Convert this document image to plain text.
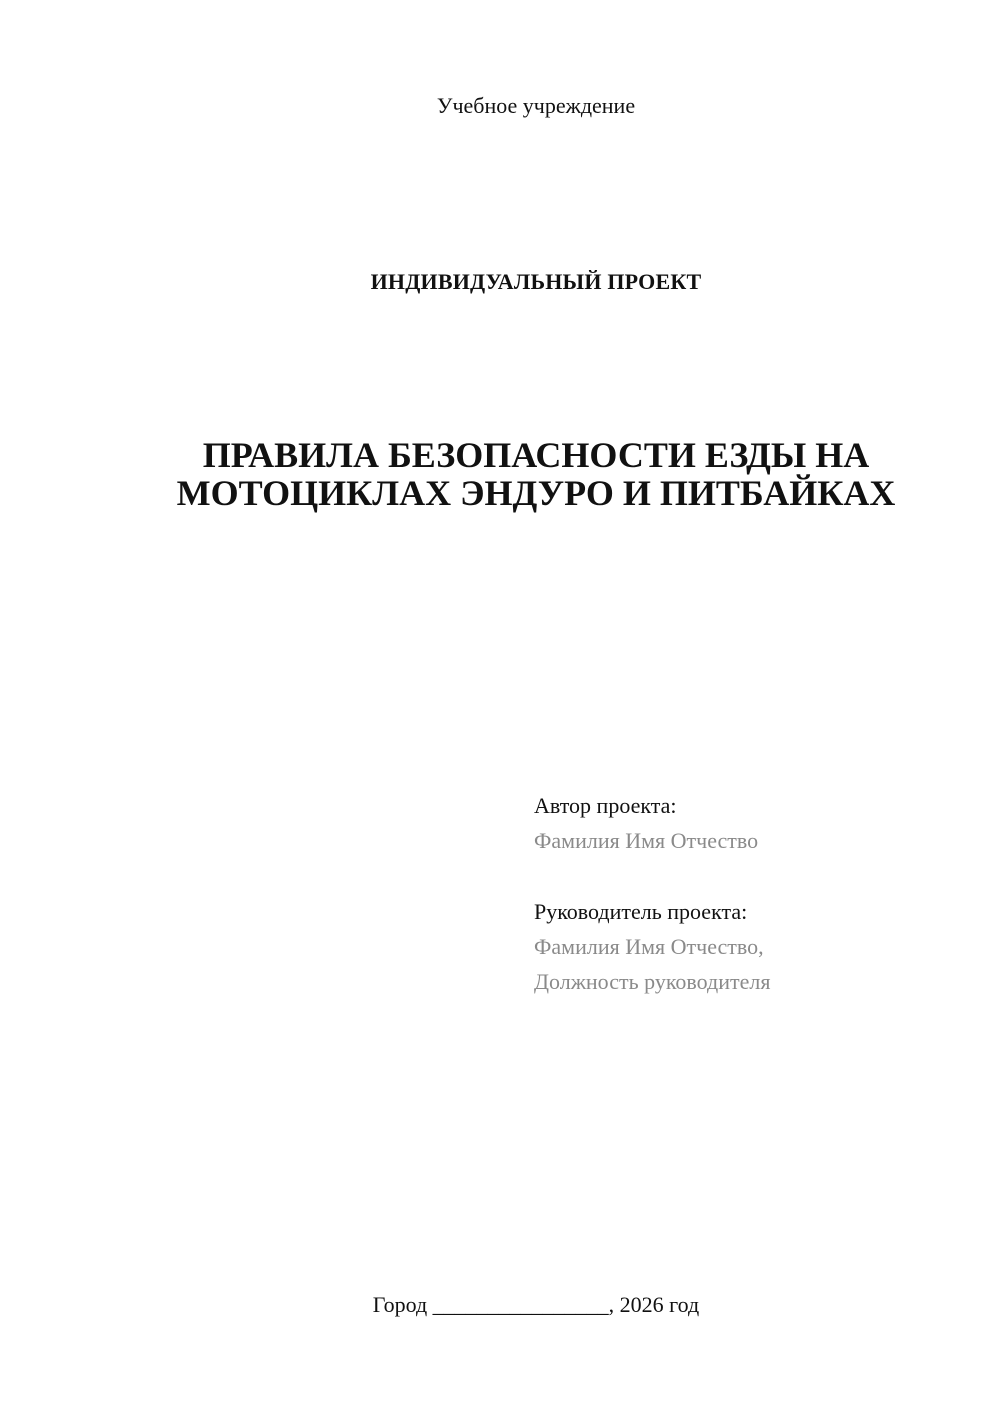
Учебное учреждение
ИНДИВИДУАЛЬНЫЙ ПРОЕКТ
ПРАВИЛА БЕЗОПАСНОСТИ ЕЗДЫ НА
МОТОЦИКЛАХ ЭНДУРО И ПИТБАЙКАХ
Автор проекта:
Фамилия Имя Отчество
Руководитель проекта:
Фамилия Имя Отчество,
Должность руководителя
Город ________________, 2026 год
